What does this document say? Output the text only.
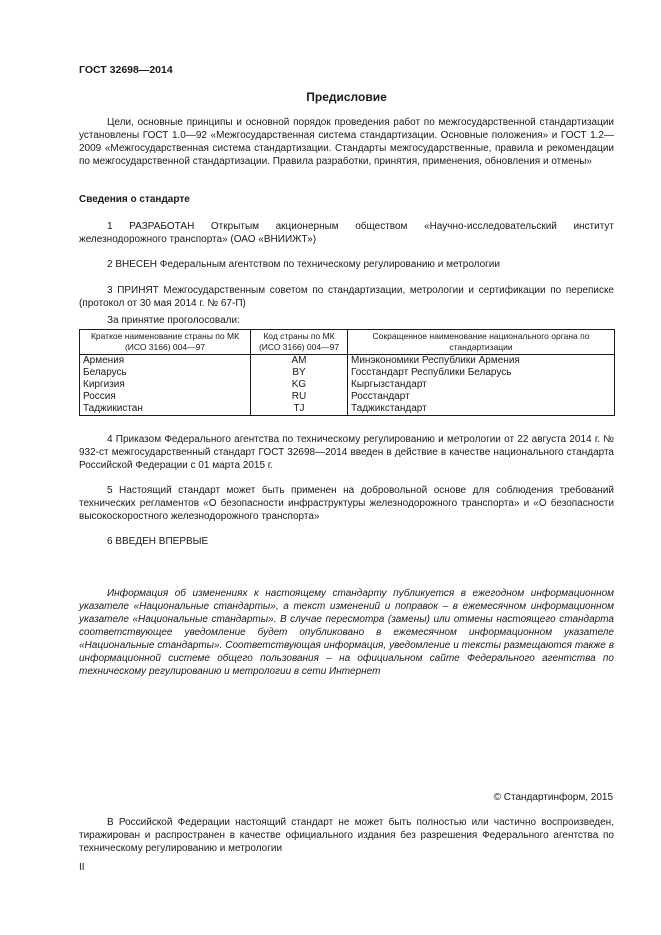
ГОСТ 32698—2014
Предисловие

Цели, основные принципы и основной порядок проведения работ по межгосударственной стандартизации установлены ГОСТ 1.0—92 «Межгосударственная система стандартизации. Основные положения» и ГОСТ 1.2—2009 «Межгосударственная система стандартизации. Стандарты межгосударственные, правила и рекомендации по межгосударственной стандартизации. Правила разработки, принятия, применения, обновления и отмены»

Сведения о стандарте

1 РАЗРАБОТАН Открытым акционерным обществом «Научно-исследовательский институт железнодорожного транспорта» (ОАО «ВНИИЖТ»)

2 ВНЕСЕН Федеральным агентством по техническому регулированию и метрологии

3 ПРИНЯТ Межгосударственным советом по стандартизации, метрологии и сертификации по переписке (протокол от 30 мая 2014 г. № 67-П)

За принятие проголосовали:
Краткое наименование страны по МК (ИСО 3166) 004—97	Код страны по МК (ИСО 3166) 004—97	Сокращенное наименование национального органа по стандартизации
Армения	AM	Минэкономики Республики Армения
Беларусь	BY	Госстандарт Республики Беларусь
Киргизия	KG	Кыргызстандарт
Россия	RU	Росстандарт
Таджикистан	TJ	Таджикстандарт

4 Приказом Федерального агентства по техническому регулированию и метрологии от 22 августа 2014 г. № 932-ст межгосударственный стандарт ГОСТ 32698—2014 введен в действие в качестве национального стандарта Российской Федерации с 01 марта 2015 г.

5 Настоящий стандарт может быть применен на добровольной основе для соблюдения требований технических регламентов «О безопасности инфраструктуры железнодорожного транспорта» и «О безопасности высокоскоростного железнодорожного транспорта»

6 ВВЕДЕН ВПЕРВЫЕ

Информация об изменениях к настоящему стандарту публикуется в ежегодном информационном указателе «Национальные стандарты», а текст изменений и поправок – в ежемесячном информационном указателе «Национальные стандарты». В случае пересмотра (замены) или отмены настоящего стандарта соответствующее уведомление будет опубликовано в ежемесячном информационном указателе «Национальные стандарты». Соответствующая информация, уведомление и тексты размещаются также в информационной системе общего пользования – на официальном сайте Федерального агентства по техническому регулированию и метрологии в сети Интернет

© Стандартинформ, 2015

В Российской Федерации настоящий стандарт не может быть полностью или частично воспроизведен, тиражирован и распространен в качестве официального издания без разрешения Федерального агентства по техническому регулированию и метрологии

II
